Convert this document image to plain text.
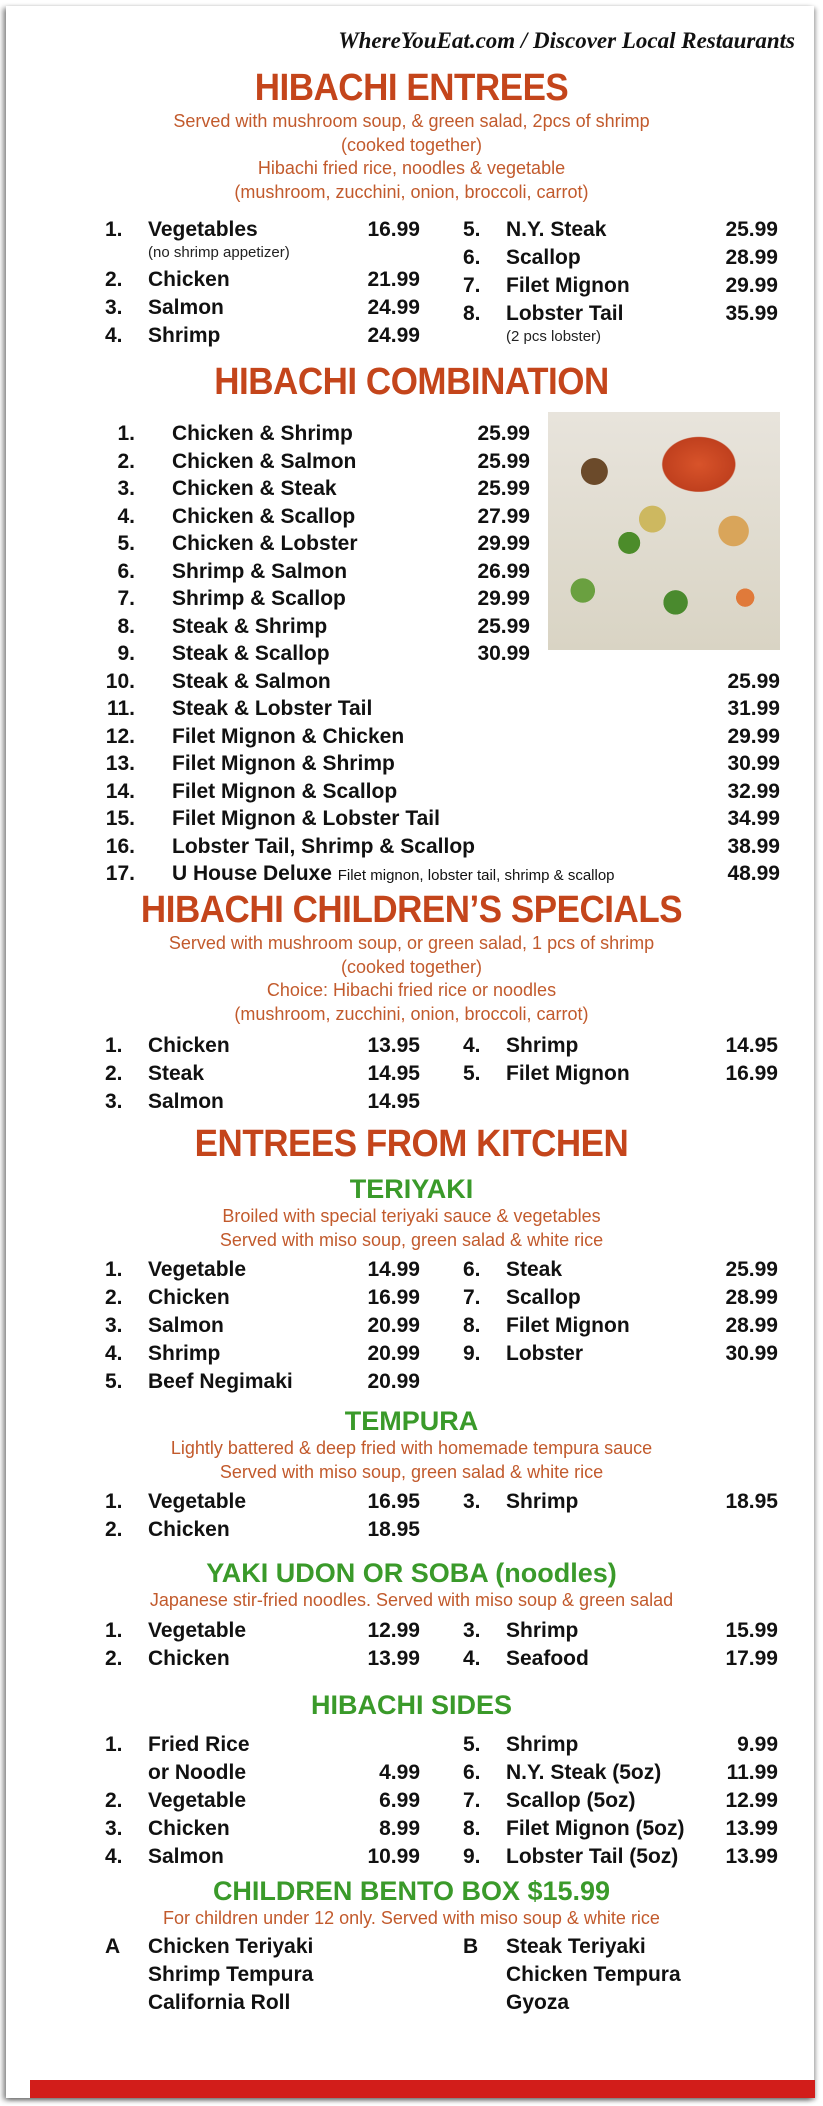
WhereYouEat.com / Discover Local Restaurants
HIBACHI ENTREES
Served with mushroom soup, & green salad, 2pcs of shrimp
(cooked together)
Hibachi fried rice, noodles & vegetable
(mushroom, zucchini, onion, broccoli, carrot)
1. Vegetables	16.99
(no shrimp appetizer)
2. Chicken	21.99
3. Salmon	24.99
4. Shrimp	24.99
5. N.Y. Steak	25.99
6. Scallop	28.99
7. Filet Mignon	29.99
8. Lobster Tail	35.99
(2 pcs lobster)
HIBACHI COMBINATION
1. Chicken & Shrimp	25.99
2. Chicken & Salmon	25.99
3. Chicken & Steak	25.99
4. Chicken & Scallop	27.99
5. Chicken & Lobster	29.99
6. Shrimp & Salmon	26.99
7. Shrimp & Scallop	29.99
8. Steak & Shrimp	25.99
9. Steak & Scallop	30.99
10. Steak & Salmon	25.99
11. Steak & Lobster Tail	31.99
12. Filet Mignon & Chicken	29.99
13. Filet Mignon & Shrimp	30.99
14. Filet Mignon & Scallop	32.99
15. Filet Mignon & Lobster Tail	34.99
16. Lobster Tail, Shrimp & Scallop	38.99
17. U House Deluxe Filet mignon, lobster tail, shrimp & scallop	48.99
HIBACHI CHILDREN’S SPECIALS
Served with mushroom soup, or green salad, 1 pcs of shrimp
(cooked together)
Choice: Hibachi fried rice or noodles
(mushroom, zucchini, onion, broccoli, carrot)
1. Chicken	13.95
2. Steak	14.95
3. Salmon	14.95
4. Shrimp	14.95
5. Filet Mignon	16.99
ENTREES FROM KITCHEN
TERIYAKI
Broiled with special teriyaki sauce & vegetables
Served with miso soup, green salad & white rice
1. Vegetable	14.99
2. Chicken	16.99
3. Salmon	20.99
4. Shrimp	20.99
5. Beef Negimaki	20.99
6. Steak	25.99
7. Scallop	28.99
8. Filet Mignon	28.99
9. Lobster	30.99
TEMPURA
Lightly battered & deep fried with homemade tempura sauce
Served with miso soup, green salad & white rice
1. Vegetable	16.95
2. Chicken	18.95
3. Shrimp	18.95
YAKI UDON OR SOBA (noodles)
Japanese stir-fried noodles. Served with miso soup & green salad
1. Vegetable	12.99
2. Chicken	13.99
3. Shrimp	15.99
4. Seafood	17.99
HIBACHI SIDES
1. Fried Rice
or Noodle	4.99
2. Vegetable	6.99
3. Chicken	8.99
4. Salmon	10.99
5. Shrimp	9.99
6. N.Y. Steak (5oz)	11.99
7. Scallop (5oz)	12.99
8. Filet Mignon (5oz) 13.99
9. Lobster Tail (5oz) 13.99
CHILDREN BENTO BOX $15.99
For children under 12 only. Served with miso soup & white rice
A Chicken Teriyaki
Shrimp Tempura
California Roll
B Steak Teriyaki
Chicken Tempura
Gyoza
